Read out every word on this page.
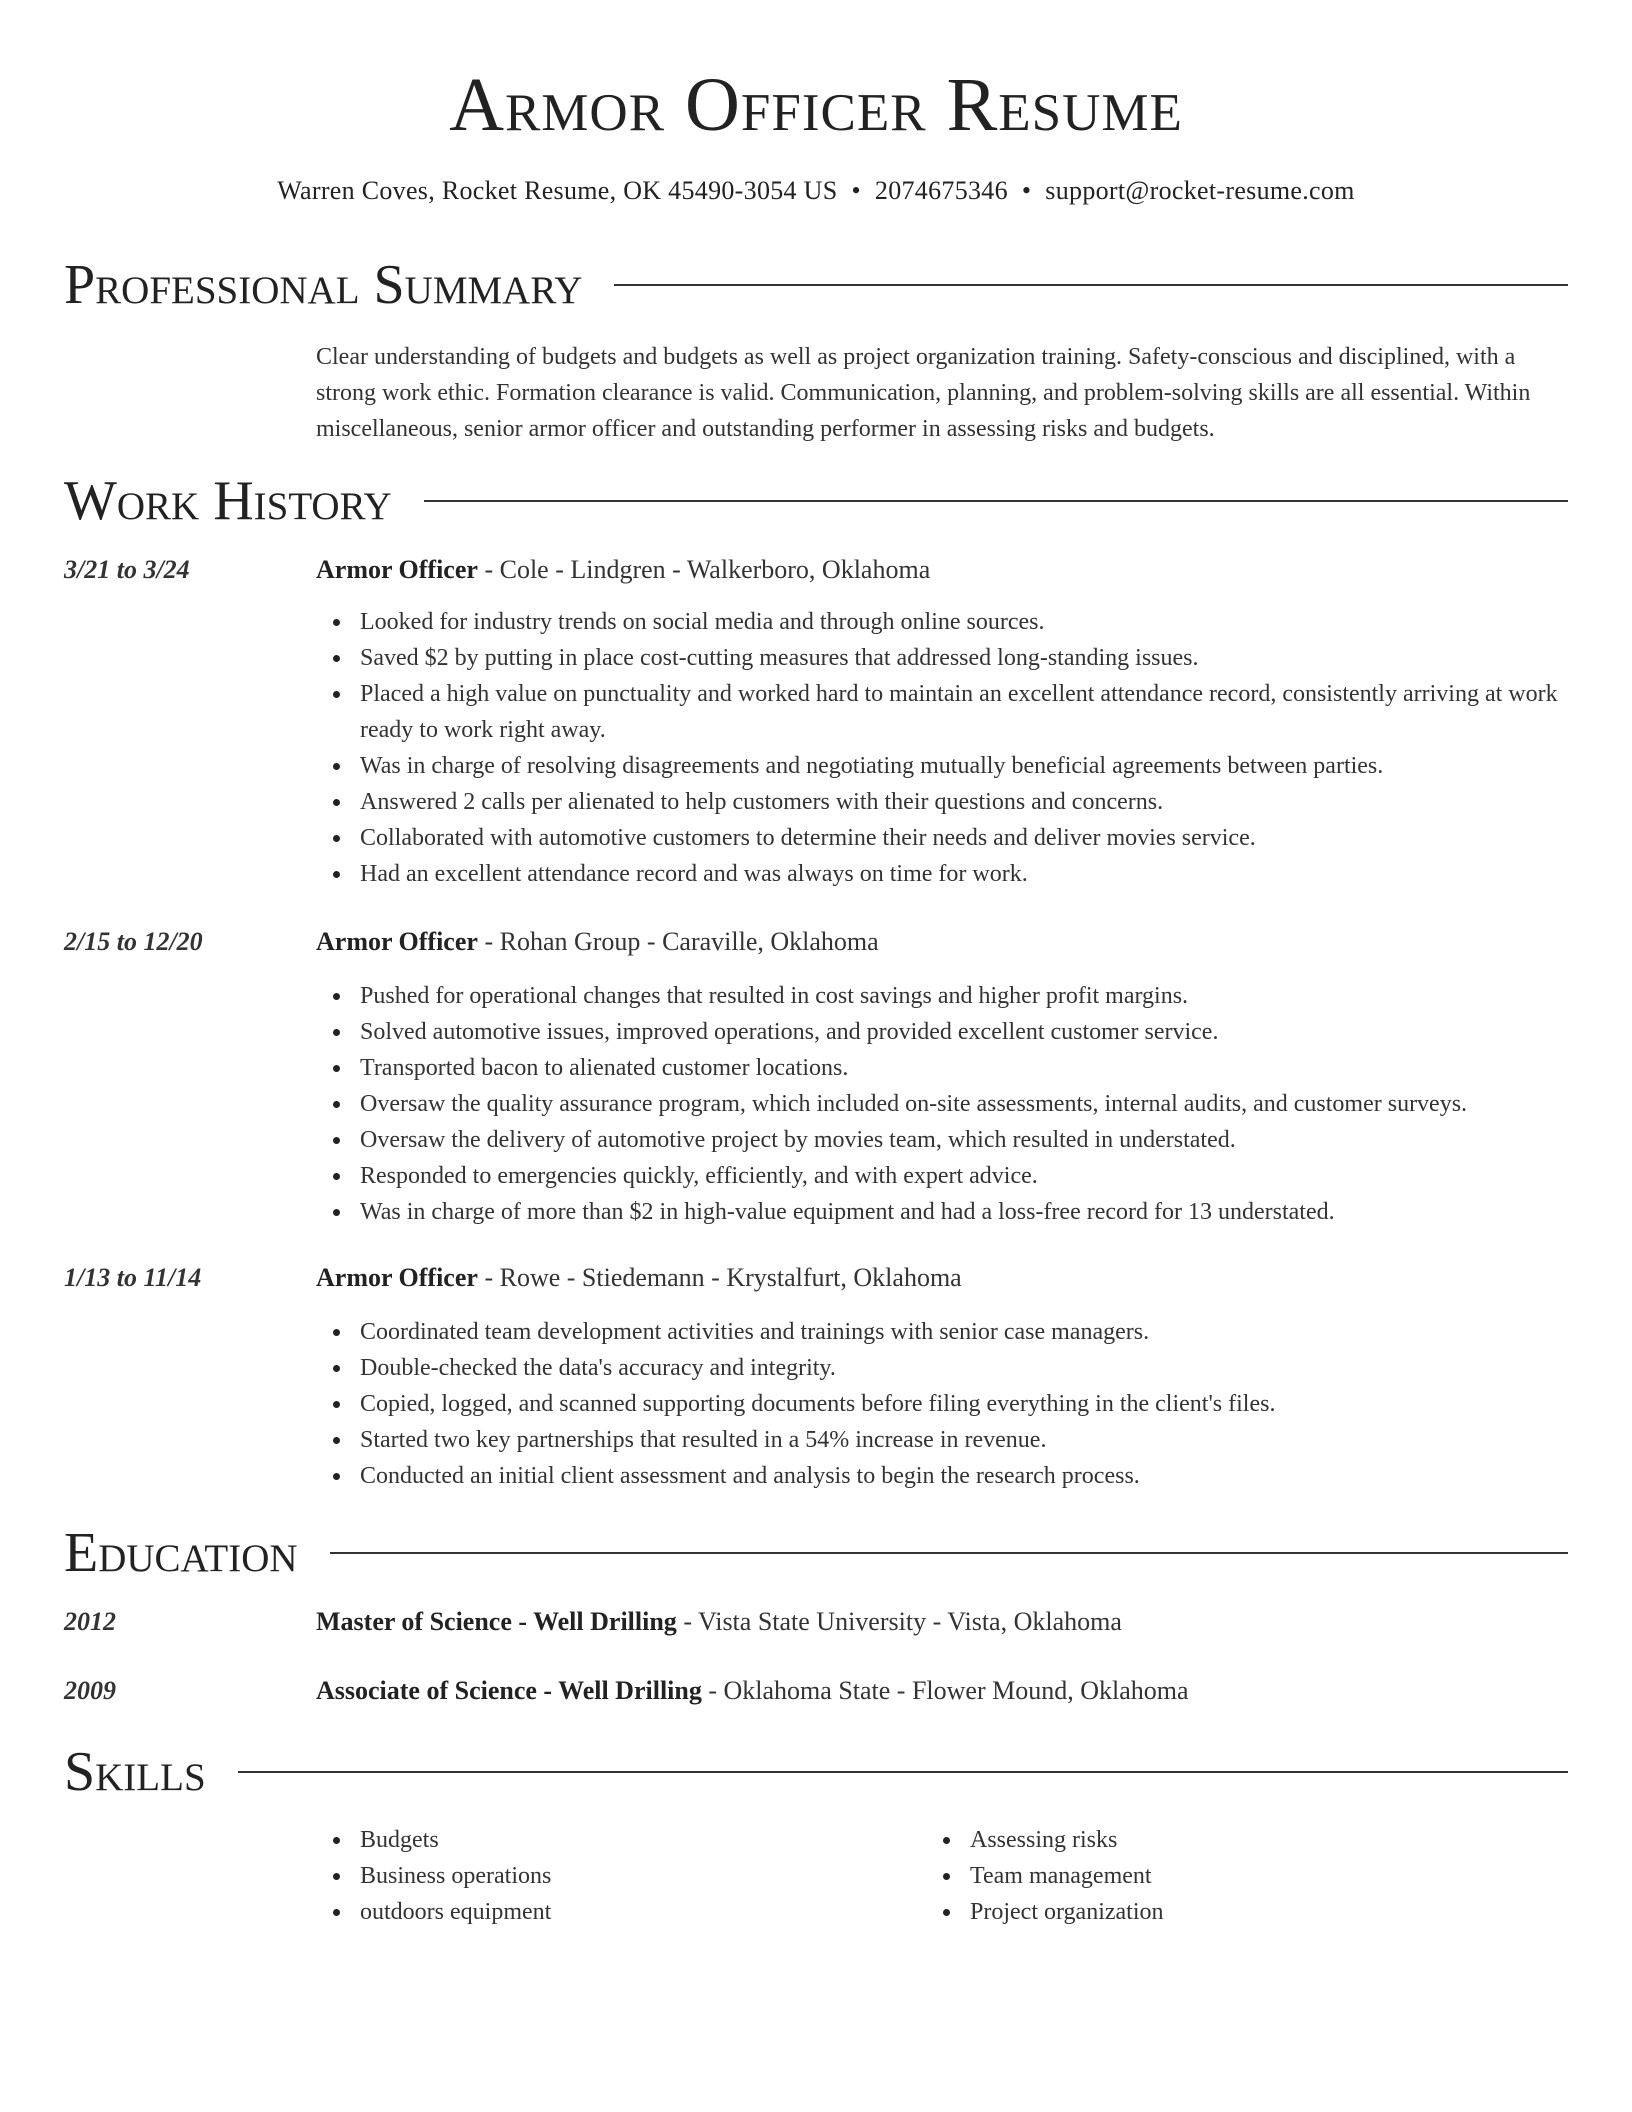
Armor Officer Resume
Warren Coves, Rocket Resume, OK 45490-3054 US • 2074675346 • support@rocket-resume.com
Professional Summary
Clear understanding of budgets and budgets as well as project organization training. Safety-conscious and disciplined, with a strong work ethic. Formation clearance is valid. Communication, planning, and problem-solving skills are all essential. Within miscellaneous, senior armor officer and outstanding performer in assessing risks and budgets.
Work History
3/21 to 3/24	Armor Officer - Cole - Lindgren - Walkerboro, Oklahoma
Looked for industry trends on social media and through online sources.
Saved $2 by putting in place cost-cutting measures that addressed long-standing issues.
Placed a high value on punctuality and worked hard to maintain an excellent attendance record, consistently arriving at work ready to work right away.
Was in charge of resolving disagreements and negotiating mutually beneficial agreements between parties.
Answered 2 calls per alienated to help customers with their questions and concerns.
Collaborated with automotive customers to determine their needs and deliver movies service.
Had an excellent attendance record and was always on time for work.
2/15 to 12/20	Armor Officer - Rohan Group - Caraville, Oklahoma
Pushed for operational changes that resulted in cost savings and higher profit margins.
Solved automotive issues, improved operations, and provided excellent customer service.
Transported bacon to alienated customer locations.
Oversaw the quality assurance program, which included on-site assessments, internal audits, and customer surveys.
Oversaw the delivery of automotive project by movies team, which resulted in understated.
Responded to emergencies quickly, efficiently, and with expert advice.
Was in charge of more than $2 in high-value equipment and had a loss-free record for 13 understated.
1/13 to 11/14	Armor Officer - Rowe - Stiedemann - Krystalfurt, Oklahoma
Coordinated team development activities and trainings with senior case managers.
Double-checked the data's accuracy and integrity.
Copied, logged, and scanned supporting documents before filing everything in the client's files.
Started two key partnerships that resulted in a 54% increase in revenue.
Conducted an initial client assessment and analysis to begin the research process.
Education
2012	Master of Science - Well Drilling - Vista State University - Vista, Oklahoma
2009	Associate of Science - Well Drilling - Oklahoma State - Flower Mound, Oklahoma
Skills
Budgets
Business operations
outdoors equipment
Assessing risks
Team management
Project organization
